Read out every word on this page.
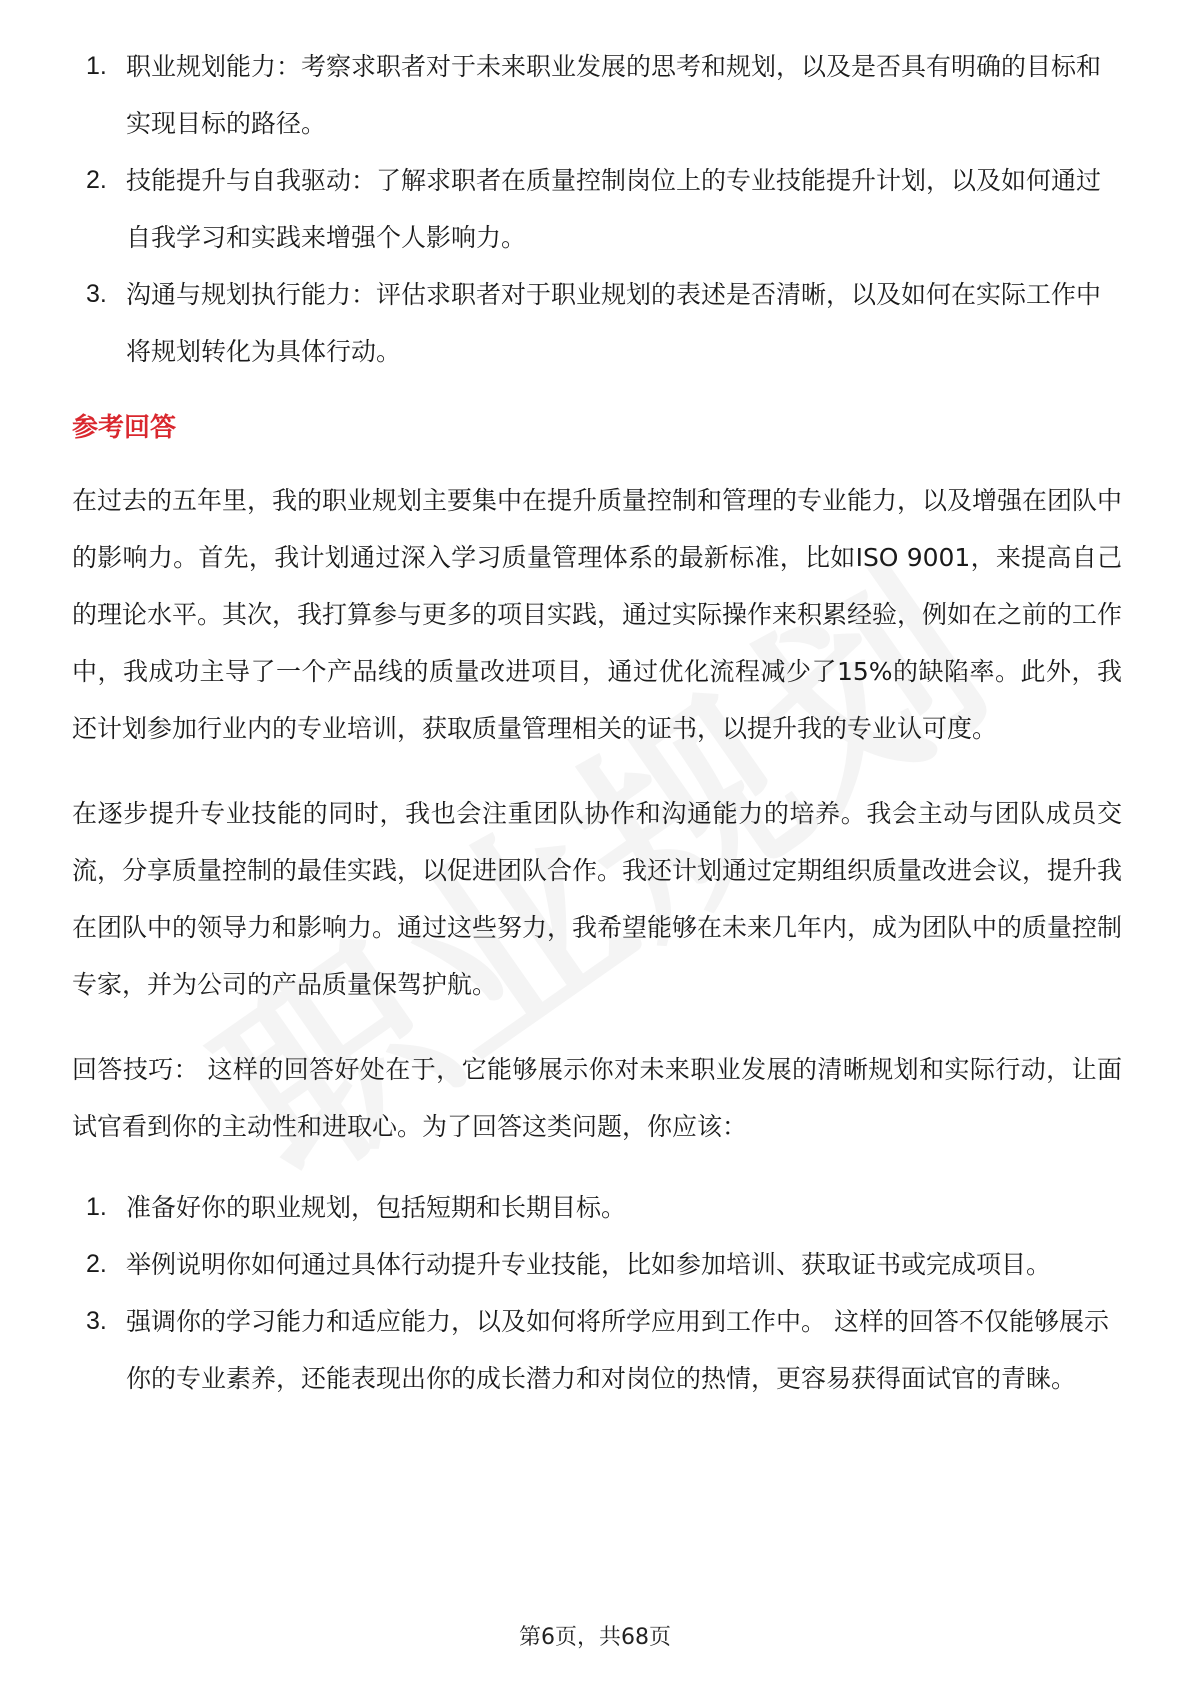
1. 职业规划能力：考察求职者对于未来职业发展的思考和规划，以及是否具有明确的目标和实现目标的路径。
2. 技能提升与自我驱动：了解求职者在质量控制岗位上的专业技能提升计划，以及如何通过自我学习和实践来增强个人影响力。
3. 沟通与规划执行能力：评估求职者对于职业规划的表述是否清晰，以及如何在实际工作中将规划转化为具体行动。
参考回答

在过去的五年里，我的职业规划主要集中在提升质量控制和管理的专业能力，以及增强在团队中的影响力。首先，我计划通过深入学习质量管理体系的最新标准，比如ISO 9001，来提高自己的理论水平。其次，我打算参与更多的项目实践，通过实际操作来积累经验，例如在之前的工作中，我成功主导了一个产品线的质量改进项目，通过优化流程减少了15%的缺陷率。此外，我还计划参加行业内的专业培训，获取质量管理相关的证书，以提升我的专业认可度。

在逐步提升专业技能的同时，我也会注重团队协作和沟通能力的培养。我会主动与团队成员交流，分享质量控制的最佳实践，以促进团队合作。我还计划通过定期组织质量改进会议，提升我在团队中的领导力和影响力。通过这些努力，我希望能够在未来几年内，成为团队中的质量控制专家，并为公司的产品质量保驾护航。

回答技巧： 这样的回答好处在于，它能够展示你对未来职业发展的清晰规划和实际行动，让面试官看到你的主动性和进取心。为了回答这类问题，你应该：

1. 准备好你的职业规划，包括短期和长期目标。
2. 举例说明你如何通过具体行动提升专业技能，比如参加培训、获取证书或完成项目。
3. 强调你的学习能力和适应能力，以及如何将所学应用到工作中。 这样的回答不仅能够展示你的专业素养，还能表现出你的成长潜力和对岗位的热情，更容易获得面试官的青睐。
第6页，共68页
